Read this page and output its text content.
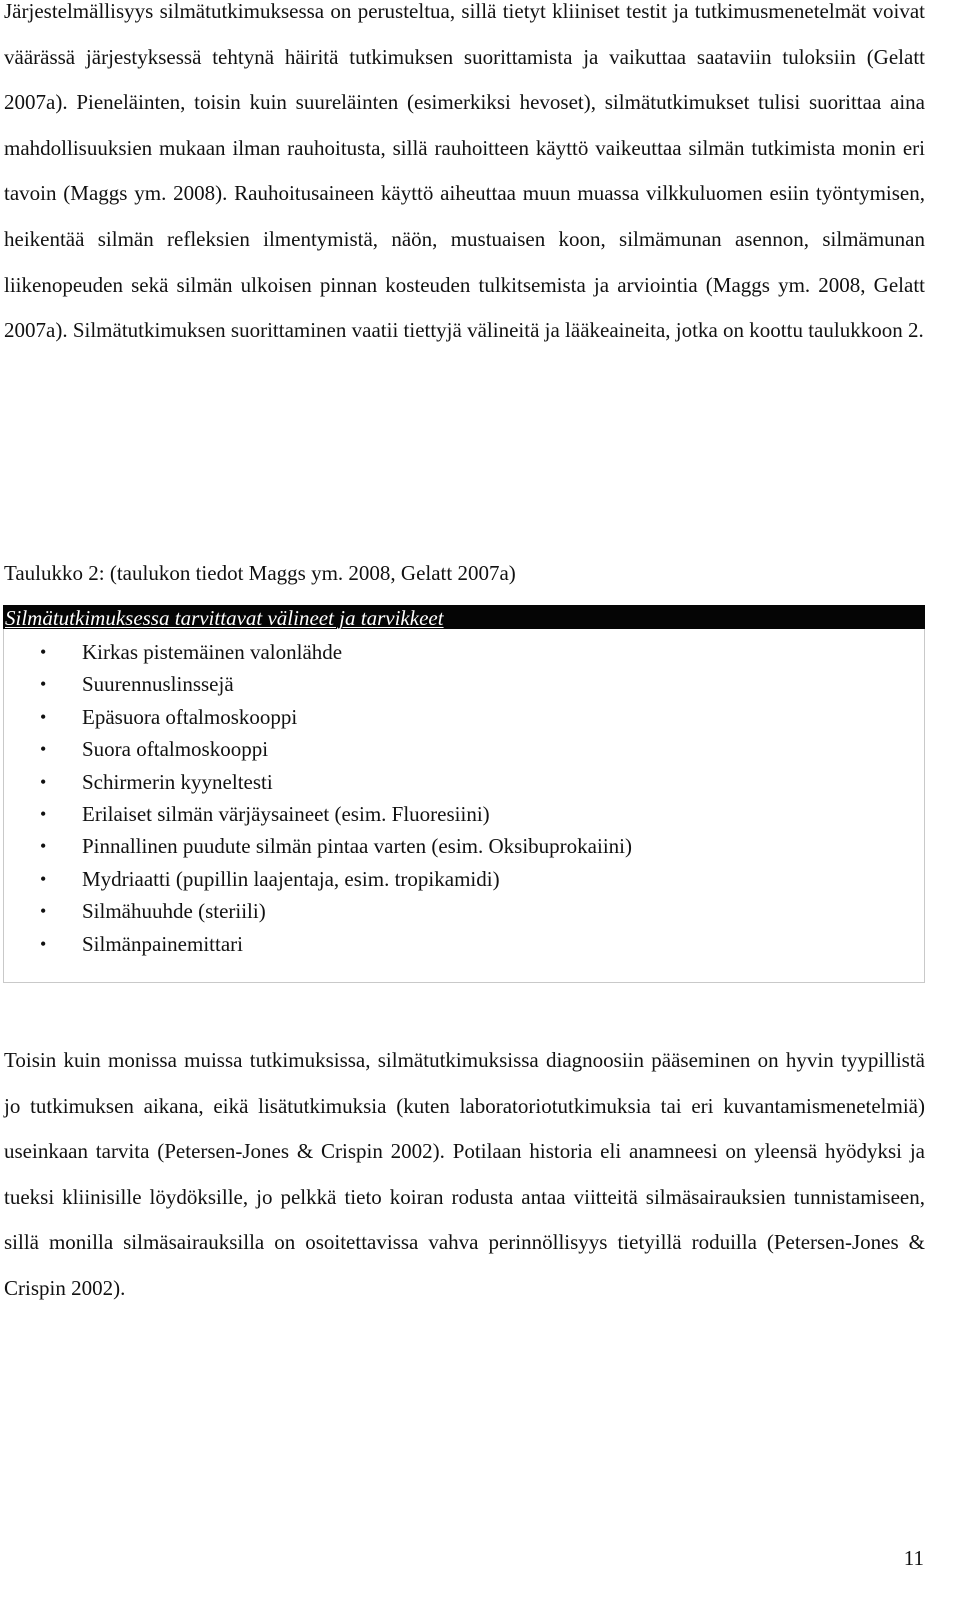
Järjestelmällisyys silmätutkimuksessa on perusteltua, sillä tietyt kliiniset testit ja tutkimusmenetelmät voivat väärässä järjestyksessä tehtynä häiritä tutkimuksen suorittamista ja vaikuttaa saataviin tuloksiin (Gelatt 2007a). Pieneläinten, toisin kuin suureläinten (esimerkiksi hevoset), silmätutkimukset tulisi suorittaa aina mahdollisuuksien mukaan ilman rauhoitusta, sillä rauhoitteen käyttö vaikeuttaa silmän tutkimista monin eri tavoin (Maggs ym. 2008). Rauhoitusaineen käyttö aiheuttaa muun muassa vilkkuluomen esiin työntymisen, heikentää silmän refleksien ilmentymistä, näön, mustuaisen koon, silmämunan asennon, silmämunan liikenopeuden sekä silmän ulkoisen pinnan kosteuden tulkitsemista ja arviointia (Maggs ym. 2008, Gelatt 2007a). Silmätutkimuksen suorittaminen vaatii tiettyjä välineitä ja lääkeaineita, jotka on koottu taulukkoon 2.

Taulukko 2: (taulukon tiedot Maggs ym. 2008, Gelatt 2007a)

Silmätutkimuksessa tarvittavat välineet ja tarvikkeet
• Kirkas pistemäinen valonlähde
• Suurennuslinssejä
• Epäsuora oftalmoskooppi
• Suora oftalmoskooppi
• Schirmerin kyyneltesti
• Erilaiset silmän värjäysaineet (esim. Fluoresiini)
• Pinnallinen puudute silmän pintaa varten (esim. Oksibuprokaiini)
• Mydriaatti (pupillin laajentaja, esim. tropikamidi)
• Silmähuuhde (steriili)
• Silmänpainemittari

Toisin kuin monissa muissa tutkimuksissa, silmätutkimuksissa diagnoosiin pääseminen on hyvin tyypillistä jo tutkimuksen aikana, eikä lisätutkimuksia (kuten laboratoriotutkimuksia tai eri kuvantamismenetelmiä) useinkaan tarvita (Petersen-Jones & Crispin 2002). Potilaan historia eli anamneesi on yleensä hyödyksi ja tueksi kliinisille löydöksille, jo pelkkä tieto koiran rodusta antaa viitteitä silmäsairauksien tunnistamiseen, sillä monilla silmäsairauksilla on osoitettavissa vahva perinnöllisyys tietyillä roduilla (Petersen-Jones & Crispin 2002).

11
